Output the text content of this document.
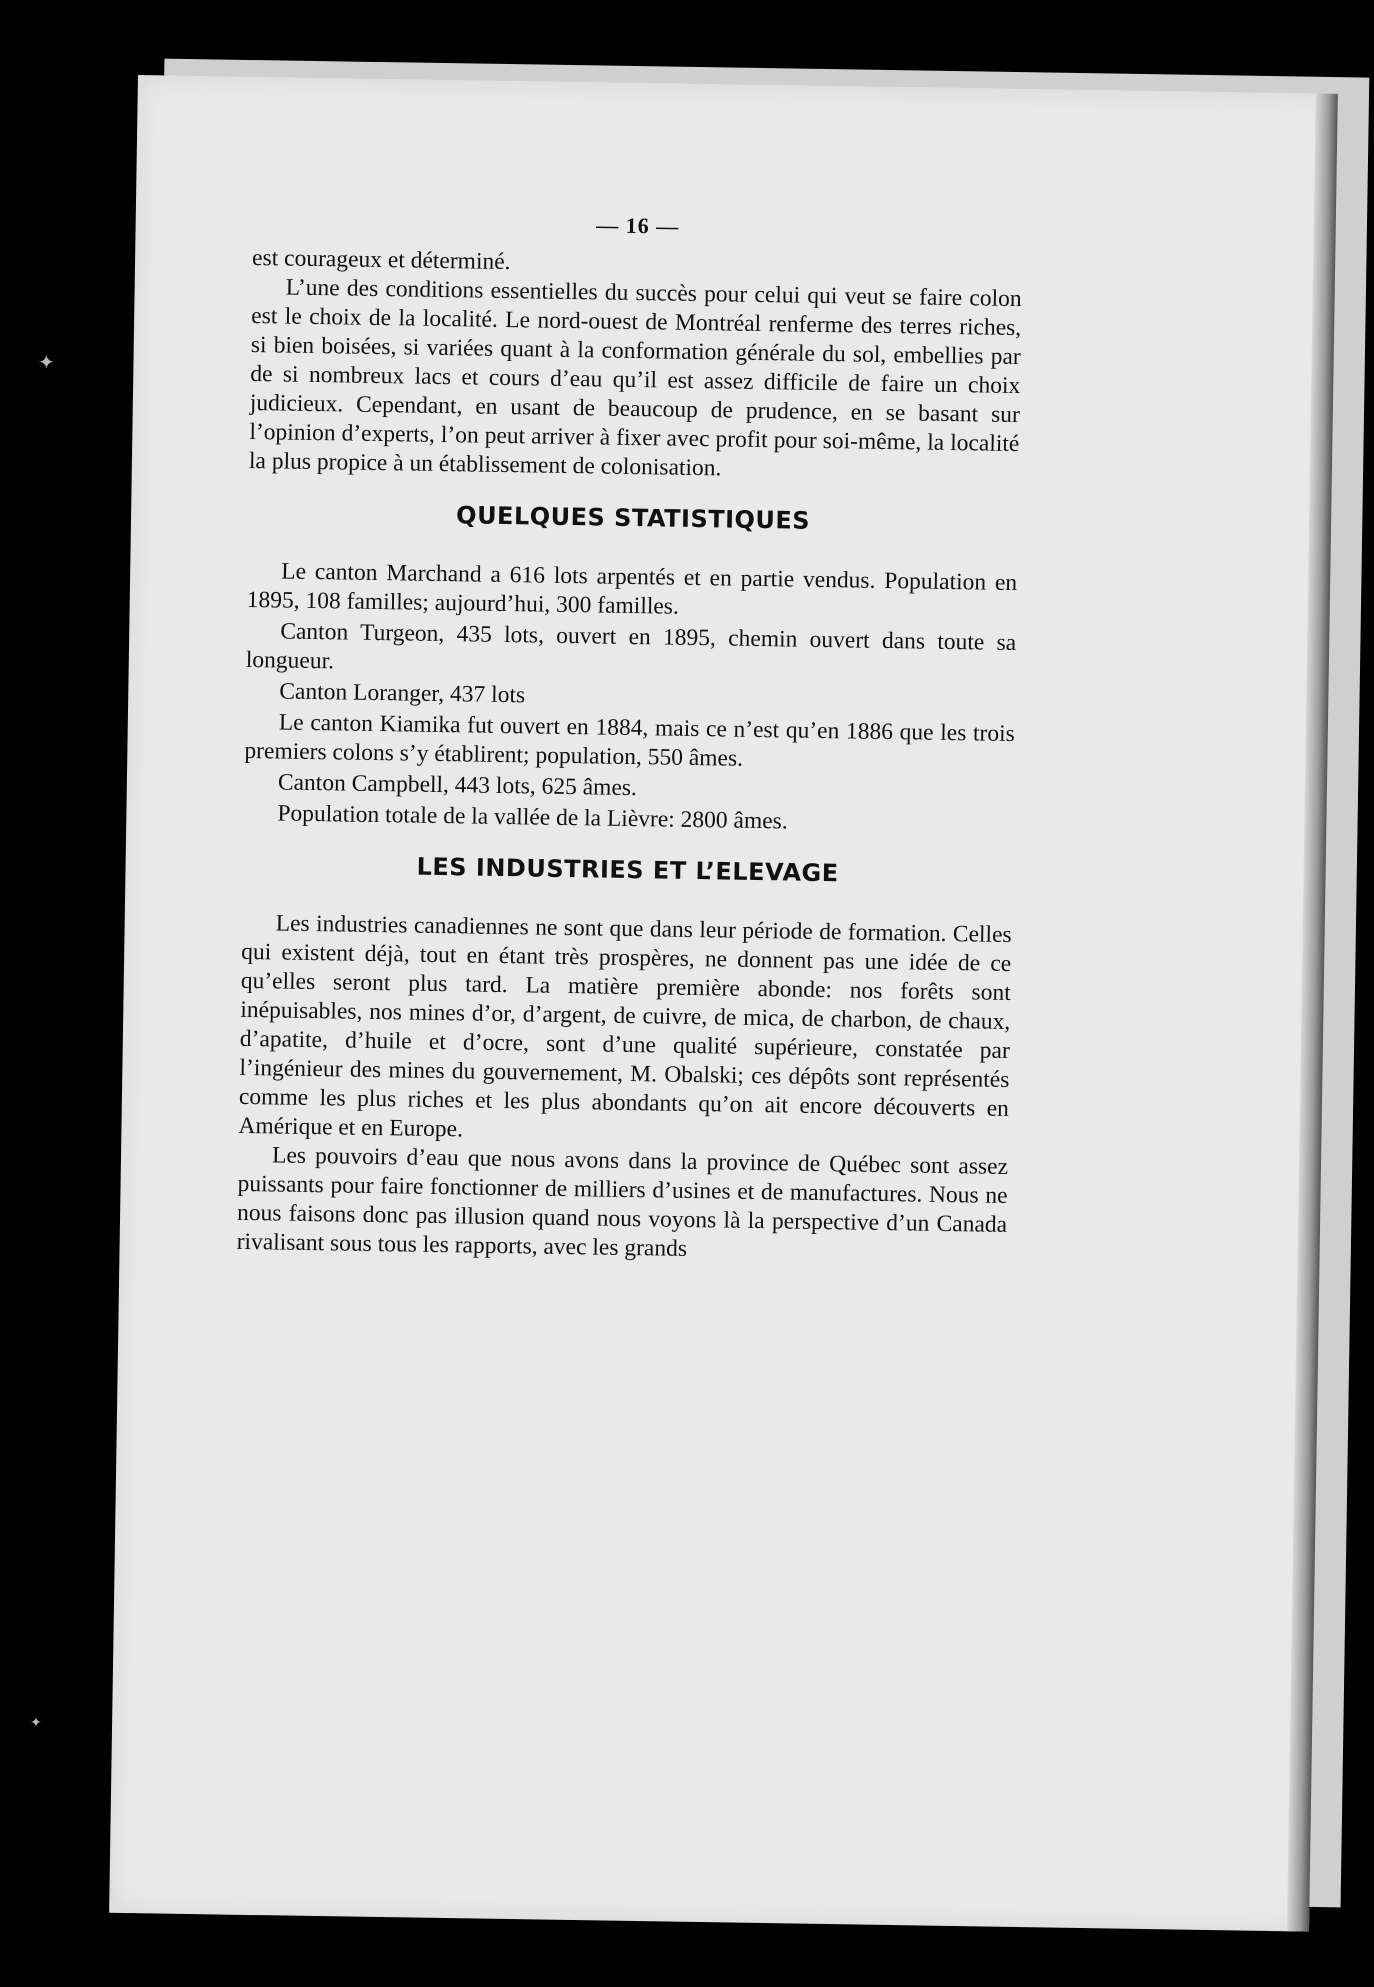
— 16 —

est courageux et déterminé.

L’une des conditions essentielles du succès pour celui qui veut se faire colon est le choix de la localité. Le nord-ouest de Montréal renferme des terres riches, si bien boisées, si variées quant à la conformation générale du sol, embellies par de si nombreux lacs et cours d’eau qu’il est assez difficile de faire un choix judicieux. Cependant, en usant de beaucoup de prudence, en se basant sur l’opinion d’experts, l’on peut arriver à fixer avec profit pour soi-même, la localité la plus propice à un établissement de colonisation.

QUELQUES STATISTIQUES

Le canton Marchand a 616 lots arpentés et en partie vendus. Population en 1895, 108 familles; aujourd’hui, 300 familles.

Canton Turgeon, 435 lots, ouvert en 1895, chemin ouvert dans toute sa longueur.

Canton Loranger, 437 lots

Le canton Kiamika fut ouvert en 1884, mais ce n’est qu’en 1886 que les trois premiers colons s’y établirent; population, 550 âmes.

Canton Campbell, 443 lots, 625 âmes.

Population totale de la vallée de la Lièvre: 2800 âmes.

LES INDUSTRIES ET L’ELEVAGE

Les industries canadiennes ne sont que dans leur période de formation. Celles qui existent déjà, tout en étant très prospères, ne donnent pas une idée de ce qu’elles seront plus tard. La matière première abonde: nos forêts sont inépuisables, nos mines d’or, d’argent, de cuivre, de mica, de charbon, de chaux, d’apatite, d’huile et d’ocre, sont d’une qualité supérieure, constatée par l’ingénieur des mines du gouvernement, M. Obalski; ces dépôts sont représentés comme les plus riches et les plus abondants qu’on ait encore découverts en Amérique et en Europe.

Les pouvoirs d’eau que nous avons dans la province de Québec sont assez puissants pour faire fonctionner de milliers d’usines et de manufactures. Nous ne nous faisons donc pas illusion quand nous voyons là la perspective d’un Canada rivalisant sous tous les rapports, avec les grands

✦
✦
